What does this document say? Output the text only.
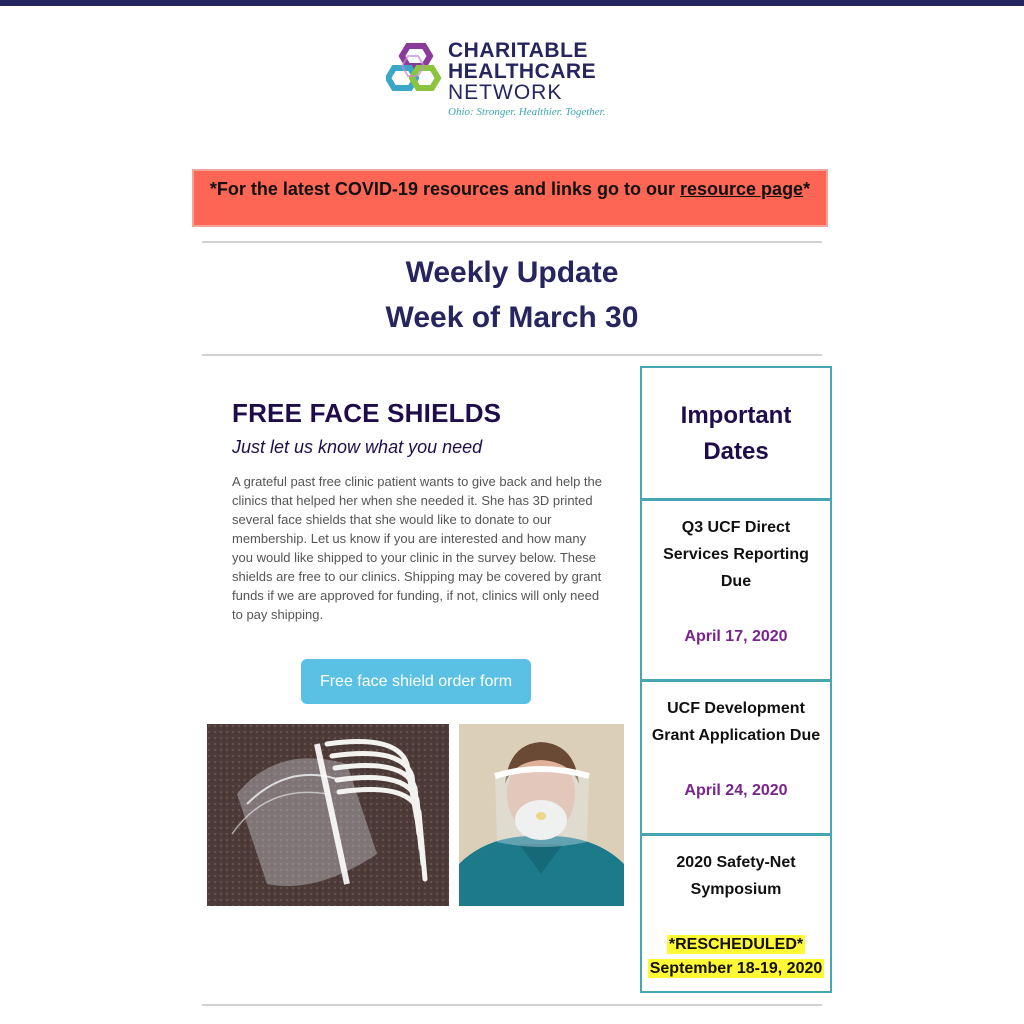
CHARITABLE
HEALTHCARE
NETWORK
Ohio: Stronger. Healthier. Together.
*For the latest COVID-19 resources and links go to our resource page*
Weekly Update
Week of March 30
FREE FACE SHIELDS
Just let us know what you need
A grateful past free clinic patient wants to give back and help the clinics that helped her when she needed it. She has 3D printed several face shields that she would like to donate to our membership. Let us know if you are interested and how many you would like shipped to your clinic in the survey below. These shields are free to our clinics. Shipping may be covered by grant funds if we are approved for funding, if not, clinics will only need to pay shipping.
Free face shield order form
Important
Dates
Q3 UCF Direct
Services Reporting
Due
April 17, 2020
UCF Development
Grant Application Due
April 24, 2020
2020 Safety-Net
Symposium
*RESCHEDULED*
September 18-19, 2020
